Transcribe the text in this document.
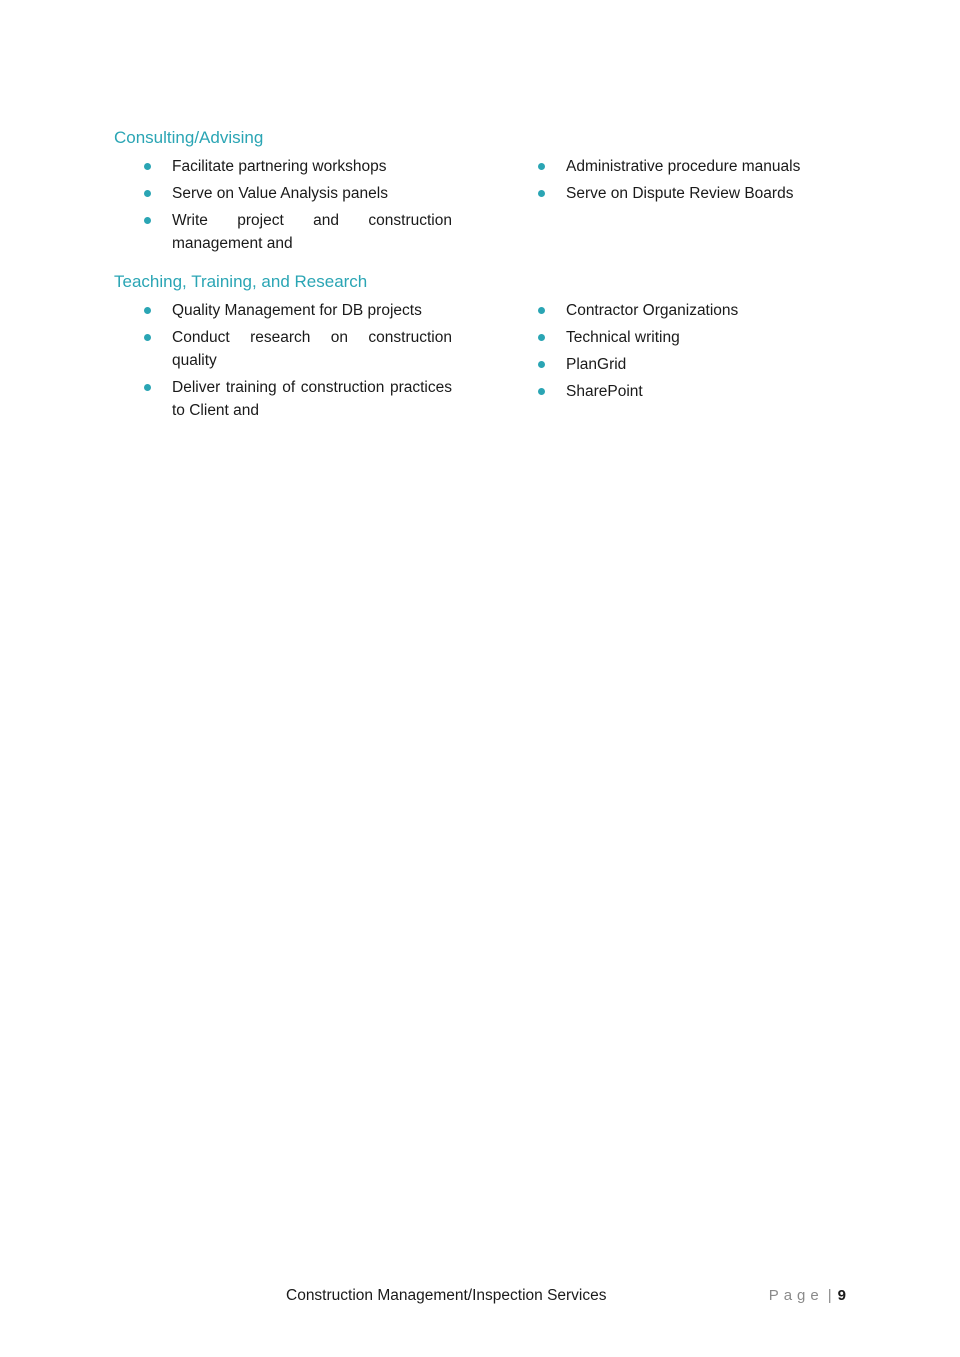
Consulting/Advising
Facilitate partnering workshops
Serve on Value Analysis panels
Write project and construction management and
Administrative procedure manuals
Serve on Dispute Review Boards
Teaching, Training, and Research
Quality Management for DB projects
Conduct research on construction quality
Deliver training of construction practices to Client and
Contractor Organizations
Technical writing
PlanGrid
SharePoint
Construction Management/Inspection Services	Page | 9
